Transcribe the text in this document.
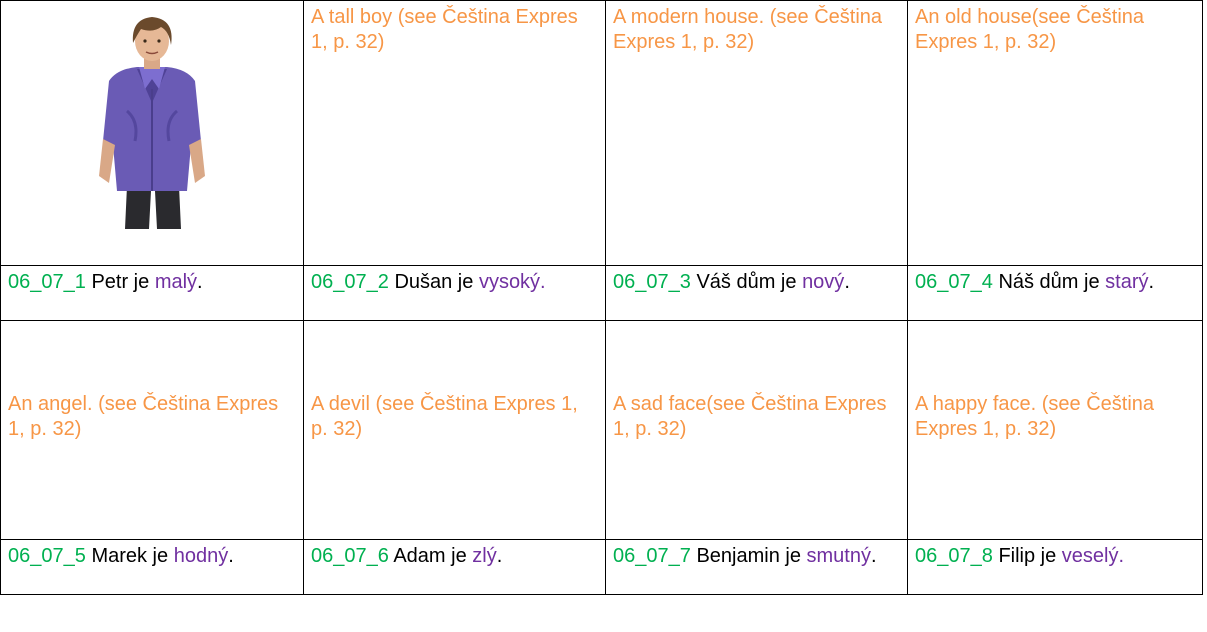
	A tall boy (see Čeština Expres 1, p. 32)	A modern house. (see Čeština Expres 1, p. 32)	An old house(see Čeština Expres 1, p. 32)
06_07_1 Petr je malý.	06_07_2 Dušan je vysoký.	06_07_3 Váš dům je nový.	06_07_4 Náš dům je starý.
An angel. (see Čeština Expres 1, p. 32)	A devil (see Čeština Expres 1, p. 32)	A sad face(see Čeština Expres 1, p. 32)	A happy face. (see Čeština Expres 1, p. 32)
06_07_5 Marek je hodný.	06_07_6 Adam je zlý.	06_07_7 Benjamin je smutný.	06_07_8 Filip je veselý.
